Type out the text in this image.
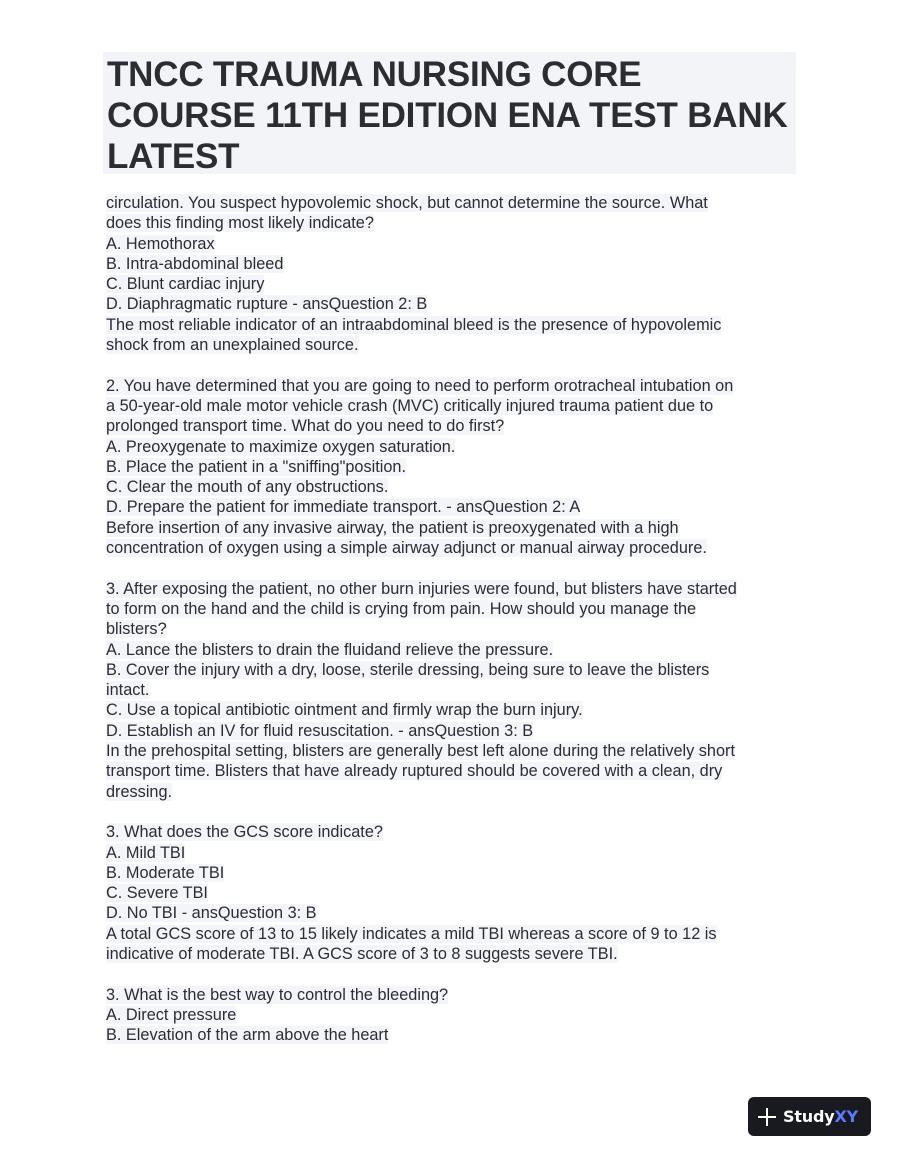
TNCC TRAUMA NURSING CORE COURSE 11TH EDITION ENA TEST BANK LATEST
circulation. You suspect hypovolemic shock, but cannot determine the source. What
does this finding most likely indicate?
A. Hemothorax
B. Intra-abdominal bleed
C. Blunt cardiac injury
D. Diaphragmatic rupture - ansQuestion 2: B
The most reliable indicator of an intraabdominal bleed is the presence of hypovolemic
shock from an unexplained source.
2. You have determined that you are going to need to perform orotracheal intubation on
a 50-year-old male motor vehicle crash (MVC) critically injured trauma patient due to
prolonged transport time. What do you need to do first?
A. Preoxygenate to maximize oxygen saturation.
B. Place the patient in a "sniffing"position.
C. Clear the mouth of any obstructions.
D. Prepare the patient for immediate transport. - ansQuestion 2: A
Before insertion of any invasive airway, the patient is preoxygenated with a high
concentration of oxygen using a simple airway adjunct or manual airway procedure.
3. After exposing the patient, no other burn injuries were found, but blisters have started
to form on the hand and the child is crying from pain. How should you manage the
blisters?
A. Lance the blisters to drain the fluidand relieve the pressure.
B. Cover the injury with a dry, loose, sterile dressing, being sure to leave the blisters
intact.
C. Use a topical antibiotic ointment and firmly wrap the burn injury.
D. Establish an IV for fluid resuscitation. - ansQuestion 3: B
In the prehospital setting, blisters are generally best left alone during the relatively short
transport time. Blisters that have already ruptured should be covered with a clean, dry
dressing.
3. What does the GCS score indicate?
A. Mild TBI
B. Moderate TBI
C. Severe TBI
D. No TBI - ansQuestion 3: B
A total GCS score of 13 to 15 likely indicates a mild TBI whereas a score of 9 to 12 is
indicative of moderate TBI. A GCS score of 3 to 8 suggests severe TBI.
3. What is the best way to control the bleeding?
A. Direct pressure
B. Elevation of the arm above the heart
StudyXY
